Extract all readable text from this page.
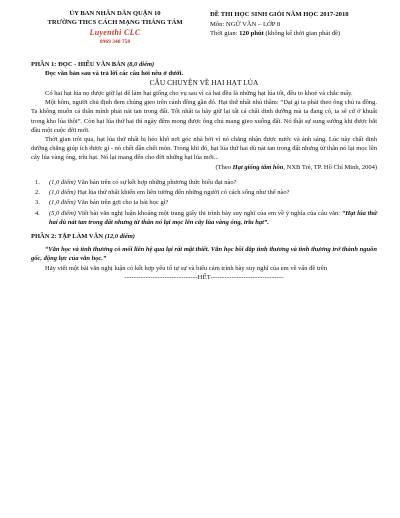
ỦY BAN NHÂN DÂN QUẬN 10
TRƯỜNG THCS CÁCH MẠNG THÁNG TÁM
Luyenthi CLC
0969 340 758
ĐỀ THI HỌC SINH GIỎI NĂM HỌC 2017-2018
Môn: NGỮ VĂN – LỚP 8
Thời gian: 120 phút (không kể thời gian phát đề)

PHẦN 1: ĐỌC - HIỂU VĂN BẢN (8,0 điểm)

Đọc văn bản sau và trả lời các câu hỏi nêu ở dưới.

CÂU CHUYỆN VỀ HAI HẠT LÚA

Có hai hạt lúa nọ được giữ lại để làm hạt giống cho vụ sau vì cả hai đều là những hạt lúa tốt, đều to khoẻ và chắc mẩy.

Một hôm, người chủ định đem chúng gieo trên cánh đồng gần đó. Hạt thứ nhất nhủ thầm: “Dại gì ta phải theo ông chủ ra đồng. Ta không muốn cả thân mình phải nát tan trong đất. Tốt nhất ta hãy giữ lại tất cả chất dinh dưỡng mà ta đang có, ta sẽ cứ ở khuất trong kho lúa thôi”. Còn hạt lúa thứ hai thì ngày đêm mong được ông chủ mang gieo xuống đất. Nó thật sự sung sướng khi được bắt đầu một cuộc đời mới.

Thời gian trôi qua, hạt lúa thứ nhất bị héo khô nơi góc nhà bởi vì nó chẳng nhận được nước và ánh sáng. Lúc này chất dinh dưỡng chẳng giúp ích được gì - nó chết dần chết mòn. Trong khi đó, hạt lúa thứ hai dù nát tan trong đất nhưng từ thân nó lại mọc lên cây lúa vàng óng, trĩu hạt. Nó lại mang đến cho đời những hạt lúa mới...

(Theo Hạt giống tâm hồn, NXB Trẻ, TP. Hồ Chí Minh, 2004)

1.	(1,0 điểm) Văn bản trên có sự kết hợp những phương thức biểu đạt nào?
2.	(1,0 điểm) Hạt lúa thứ nhất khiến em liên tưởng đến những người có cách sống như thế nào?
3.	(1,0 điểm) Văn bản trên gợi cho ta bài học gì?
4.	(5,0 điểm) Viết bài văn nghị luận khoảng một trang giấy thi trình bày suy nghĩ của em về ý nghĩa của câu văn: “Hạt lúa thứ hai dù nát tan trong đất nhưng từ thân nó lại mọc lên cây lúa vàng óng, trĩu hạt”.

PHẦN 2: TẬP LÀM VĂN (12,0 điểm)

“Văn học và tình thương có mối liên hệ qua lại rất mật thiết. Văn học bồi đắp tình thương và tình thương trở thành nguồn gốc, động lực của văn học.”

Hãy viết một bài văn nghị luận có kết hợp yếu tố tự sự và biểu cảm trình bày suy nghĩ của em về vấn đề trên

-------------------------------HẾT-------------------------------
